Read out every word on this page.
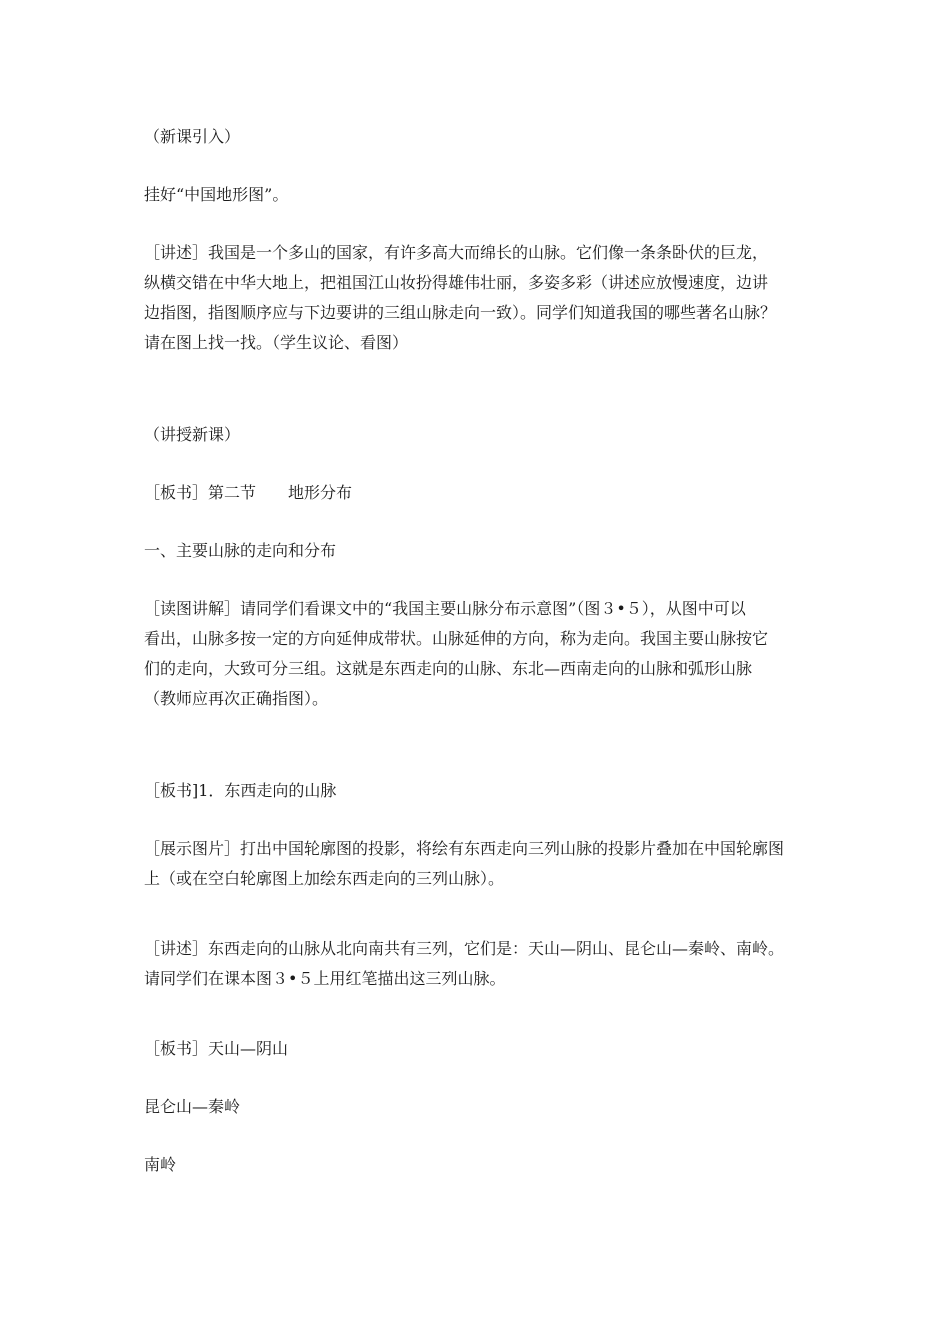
（新课引入）

挂好“中国地形图”。

［讲述］我国是一个多山的国家，有许多高大而绵长的山脉。它们像一条条卧伏的巨龙，
纵横交错在中华大地上，把祖国江山妆扮得雄伟壮丽，多姿多彩（讲述应放慢速度，边讲
边指图，指图顺序应与下边要讲的三组山脉走向一致）。同学们知道我国的哪些著名山脉？
请在图上找一找。（学生议论、看图）

（讲授新课）

［板书］第二节　　地形分布

一、主要山脉的走向和分布

［读图讲解］请同学们看课文中的“我国主要山脉分布示意图”（图３•５），从图中可以
看出，山脉多按一定的方向延伸成带状。山脉延伸的方向，称为走向。我国主要山脉按它
们的走向，大致可分三组。这就是东西走向的山脉、东北—西南走向的山脉和弧形山脉
（教师应再次正确指图）。

［板书]1．东西走向的山脉

［展示图片］打出中国轮廓图的投影，将绘有东西走向三列山脉的投影片叠加在中国轮廓图
上（或在空白轮廓图上加绘东西走向的三列山脉）。

［讲述］东西走向的山脉从北向南共有三列，它们是：天山—阴山、昆仑山—秦岭、南岭。
请同学们在课本图３•５上用红笔描出这三列山脉。

［板书］天山—阴山

昆仑山—秦岭

南岭
